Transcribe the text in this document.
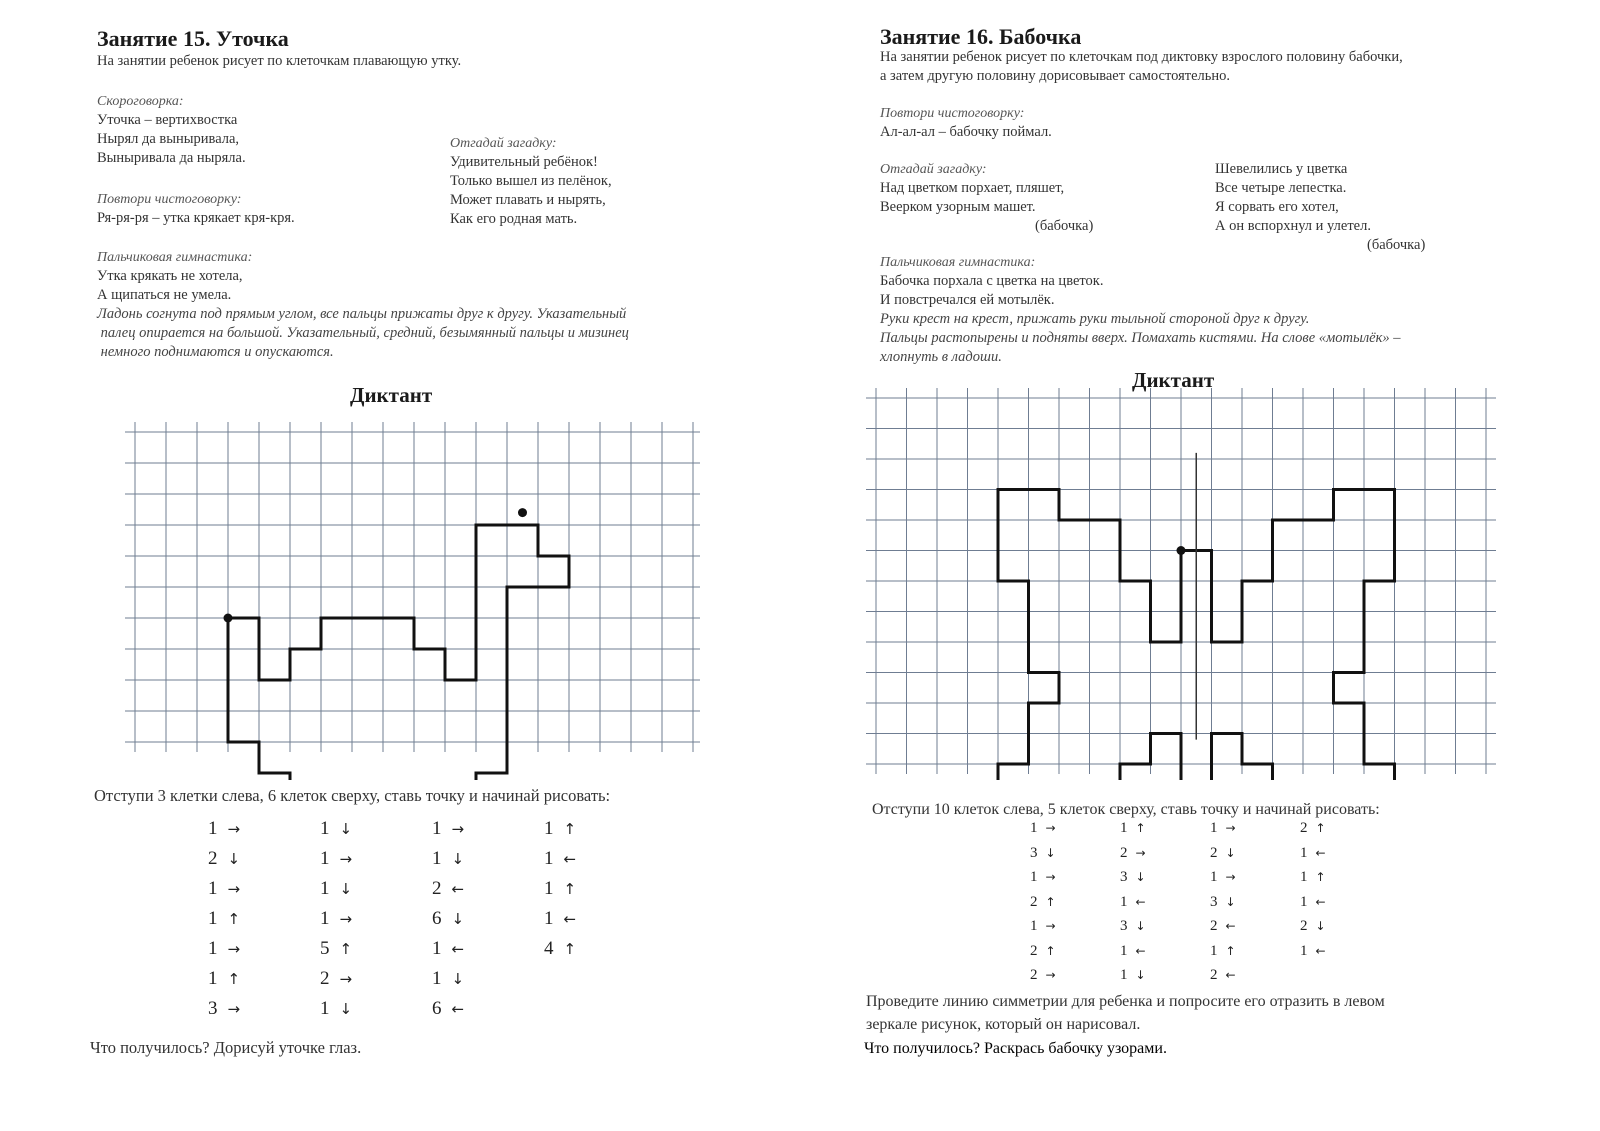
Занятие 15. Уточка
На занятии ребенок рисует по клеточкам плавающую утку.
Скороговорка:
Уточка – вертихвостка
Нырял да выныривала,
Выныривала да ныряла.
Отгадай загадку:
Удивительный ребёнок!
Только вышел из пелёнок,
Может плавать и нырять,
Как его родная мать.
Повтори чистоговорку:
Ря-ря-ря – утка крякает кря-кря.
Пальчиковая гимнастика:
Утка крякать не хотела,
А щипаться не умела.
Ладонь согнута под прямым углом, все пальцы прижаты друг к другу. Указательный
палец опирается на большой. Указательный, средний, безымянный пальцы и мизинец
немного поднимаются и опускаются.
Диктант
Отступи 3 клетки слева, 6 клеток сверху, ставь точку и начинай рисовать:
1 →
2 ↓
1 →
1 ↑
1 →
1 ↑
3 →
1 ↓
1 →
1 ↓
1 →
5 ↑
2 →
1 ↓
1 →
1 ↓
2 ←
6 ↓
1 ←
1 ↓
6 ←
1 ↑
1 ←
1 ↑
1 ←
4 ↑
Что получилось? Дорисуй уточке глаз.
Занятие 16. Бабочка
На занятии ребенок рисует по клеточкам под диктовку взрослого половину бабочки,
а затем другую половину дорисовывает самостоятельно.
Повтори чистоговорку:
Ал-ал-ал – бабочку поймал.
Отгадай загадку:
Над цветком порхает, пляшет,
Веерком узорным машет.
(бабочка)
Шевелились у цветка
Все четыре лепестка.
Я сорвать его хотел,
А он вспорхнул и улетел.
(бабочка)
Пальчиковая гимнастика:
Бабочка порхала с цветка на цветок.
И повстречался ей мотылёк.
Руки крест на крест, прижать руки тыльной стороной друг к другу.
Пальцы растопырены и подняты вверх. Помахать кистями. На слове «мотылёк» –
хлопнуть в ладоши.
Диктант
Отступи 10 клеток слева, 5 клеток сверху, ставь точку и начинай рисовать:
1 →
3 ↓
1 →
2 ↑
1 →
2 ↑
2 →
1 ↑
2 →
3 ↓
1 ←
3 ↓
1 ←
1 ↓
1 →
2 ↓
1 →
3 ↓
2 ←
1 ↑
2 ←
2 ↑
1 ←
1 ↑
1 ←
2 ↓
1 ←
Проведите линию симметрии для ребенка и попросите его отразить в левом
зеркале рисунок, который он нарисовал.
Что получилось? Раскрась бабочку узорами.
